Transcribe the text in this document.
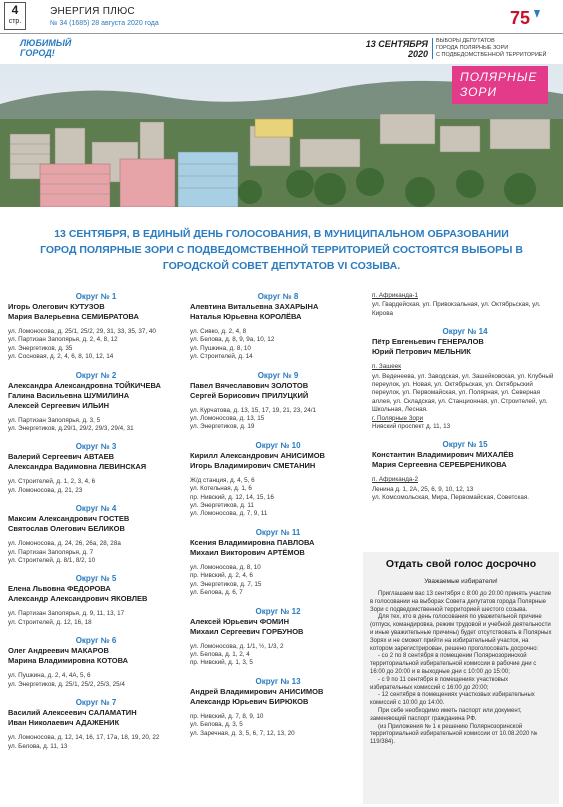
4
стр.
ЭНЕРГИЯ ПЛЮС
№ 34 (1685) 28 августа 2020 года	75
ЛЮБИМЫЙ
ГОРОД!
13 СЕНТЯБРЯ
2020
ВЫБОРЫ ДЕПУТАТОВ
ГОРОДА ПОЛЯРНЫЕ ЗОРИ
С ПОДВЕДОМСТВЕННОЙ ТЕРРИТОРИЕЙ
ПОЛЯРНЫЕ
ЗОРИ
13 СЕНТЯБРЯ, В ЕДИНЫЙ ДЕНЬ ГОЛОСОВАНИЯ, В МУНИЦИПАЛЬНОМ ОБРАЗОВАНИИ ГОРОД ПОЛЯРНЫЕ ЗОРИ С ПОДВЕДОМСТВЕННОЙ ТЕРРИТОРИЕЙ СОСТОЯТСЯ ВЫБОРЫ В ГОРОДСКОЙ СОВЕТ ДЕПУТАТОВ VI СОЗЫВА.
Округ № 1
Игорь Олегович КУТУЗОВ
Мария Валерьевна СЕМИБРАТОВА
ул. Ломоносова, д. 25/1, 25/2, 29, 31, 33, 35, 37, 40
ул. Партизан Заполярья, д. 2, 4, 8, 12
ул. Энергетиков, д. 35
ул. Сосновая, д. 2, 4, 6, 8, 10, 12, 14
Округ № 2
Александра Александровна ТОЙКИЧЕВА
Галина Васильевна ШУМИЛИНА
Алексей Сергеевич ИЛЬИН
ул. Партизан Заполярья, д. 3, 5
ул. Энергетиков, д.29/1, 29/2, 29/3, 29/4, 31
Округ № 3
Валерий Сергеевич АВТАЕВ
Александра Вадимовна ЛЕВИНСКАЯ
ул. Строителей, д. 1, 2, 3, 4, 6
ул. Ломоносова, д. 21, 23
Округ № 4
Максим Александрович ГОСТЕВ
Святослав Олегович БЕЛИКОВ
ул. Ломоносова, д. 24, 26, 26а, 28, 28а
ул. Партизан Заполярья, д. 7
ул. Строителей, д. 8/1, 8/2, 10
Округ № 5
Елена Львовна ФЕДОРОВА
Александр Александрович ЯКОВЛЕВ
ул. Партизан Заполярья, д. 9, 11, 13, 17
ул. Строителей, д. 12, 16, 18
Округ № 6
Олег Андреевич МАКАРОВ
Марина Владимировна КОТОВА
ул. Пушкина, д. 2, 4, 4А, 5, 6
ул. Энергетиков, д. 25/1, 25/2, 25/3, 25/4
Округ № 7
Василий Алексеевич САЛАМАТИН
Иван Николаевич АДАЖЕНИК
ул. Ломоносова, д. 12, 14, 16, 17, 17а, 18, 19, 20, 22
ул. Белова, д. 11, 13
Округ № 8
Алевтина Витальевна ЗАХАРЫНА
Наталья Юрьевна КОРОЛЁВА
ул. Сивко, д. 2, 4, 8
ул. Белова, д. 8, 9, 9а, 10, 12
ул. Пушкина, д. 8, 10
ул. Строителей, д. 14
Округ № 9
Павел Вячеславович ЗОЛОТОВ
Сергей Борисович ПРИЛУЦКИЙ
ул. Курчатова, д. 13, 15, 17, 19, 21, 23, 24/1
ул. Ломоносова, д. 13, 15
ул. Энергетиков, д. 19
Округ № 10
Кирилл Александрович АНИСИМОВ
Игорь Владимирович СМЕТАНИН
Ж/д станция, д. 4, 5, 6
ул. Котельная, д. 1, 6
пр. Нивский, д. 12, 14, 15, 16
ул. Энергетиков, д. 11
ул. Ломоносова, д. 7, 9, 11
Округ № 11
Ксения Владимировна ПАВЛОВА
Михаил Викторович АРТЁМОВ
ул. Ломоносова, д. 8, 10
пр. Нивский, д. 2, 4, 6
ул. Энергетиков, д. 7, 15
ул. Белова, д. 6, 7
Округ № 12
Алексей Юрьевич ФОМИН
Михаил Сергеевич ГОРБУНОВ
ул. Ломоносова, д. 1/1, ½, 1/3, 2
ул. Белова, д. 1, 2, 4
пр. Нивский, д. 1, 3, 5
Округ № 13
Андрей Владимирович АНИСИМОВ
Александр Юрьевич БИРЮКОВ
пр. Нивский, д. 7, 8, 9, 10
ул. Белова, д. 3, 5
ул. Заречная, д. 3, 5, 6, 7, 12, 13, 20
п. Африканда-1
ул. Гвардейская, ул. Привокзальная, ул. Октябрьская, ул. Кирова
Округ № 14
Пётр Евгеньевич ГЕНЕРАЛОВ
Юрий Петрович МЕЛЬНИК
п. Зашеек
ул. Веденеева, ул. Заводская, ул. Зашейковская, ул. Клубный переулок, ул. Новая, ул. Октябрьская, ул. Октябрьский переулок, ул. Первомайская, ул. Полярная, ул. Северная аллея, ул. Складская, ул. Станционная, ул. Строителей, ул. Школьная, Лесная.
г. Полярные Зори
Нивский проспект д. 11, 13
Округ № 15
Константин Владимирович МИХАЛЁВ
Мария Сергеевна СЕРЕБРЕНИКОВА
п. Африканда-2
Ленина д. 1, 2А, 25, 6, 9, 10, 12, 13
ул. Комсомольская, Мира, Первомайская, Советская.
Отдать свой голос досрочно
Уважаемые избиратели!

Приглашаем вас 13 сентября с 8:00 до 20:00 принять участие в голосовании на выборах Совета депутатов города Полярные Зори с подведомственной территорией шестого созыва.

Для тех, кто в день голосования по уважительной причине (отпуск, командировка, режим трудовой и учебной деятельности и иные уважительные причины) будет отсутствовать в Полярных Зорях и не сможет прийти на избирательный участок, на котором зарегистрирован, решено проголосовать досрочно:

- со 2 по 8 сентября в помещении Полярнозоринской территориальной избирательной комиссии в рабочие дни с 16:00 до 20:00 и в выходные дни с 10:00 до 15:00;

- с 9 по 11 сентября в помещениях участковых избирательных комиссий с 16:00 до 20:00;

- 12 сентября в помещениях участковых избирательных комиссий с 10:00 до 14:00.

При себе необходимо иметь паспорт или документ, заменяющий паспорт гражданина РФ.

(из Приложения № 1 к решению Полярнозоринской территориальной избирательной комиссии от 10.08.2020 № 119/384).
